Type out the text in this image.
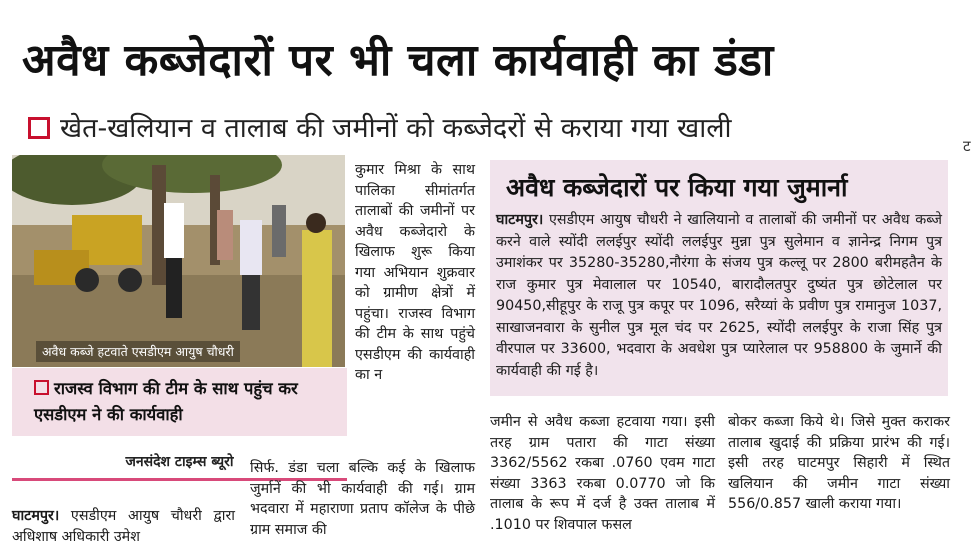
अवैध कब्जेदारों पर भी चला कार्यवाही का डंडा
खेत-खलियान व तालाब की जमीनों को कब्जेदरों से कराया गया खाली
अवैध कब्जे हटवाते एसडीएम आयुष चौधरी
राजस्व विभाग की टीम के साथ पहुंच कर एसडीएम ने की कार्यवाही
जनसंदेश टाइम्स ब्यूरो
कुमार मिश्रा के साथ पालिका सीमांतर्गत तालाबों की जमीनों पर अवैध कब्जेदारो के खिलाफ शुरू किया गया अभियान शुक्रवार को ग्रामीण क्षेत्रों में पहुंचा। राजस्व विभाग की टीम के साथ पहुंचे एसडीएम की कार्यवाही का न
सिर्फ. डंडा चला बल्कि कई के खिलाफ जुर्मानें की भी कार्यवाही की गई। ग्राम भदवारा में महाराणा प्रताप कॉलेज के पीछे ग्राम समाज की
घाटमपुर। एसडीएम आयुष चौधरी द्वारा अधिशाष अधिकारी उमेश
अवैध कब्जेदारों पर किया गया जुमार्ना
घाटमपुर। एसडीएम आयुष चौधरी ने खालियानो व तालाबों की जमीनों पर अवैध कब्जे करने वाले स्योंदी ललईपुर स्योंदी ललईपुर मुन्ना पुत्र सुलेमान व ज्ञानेन्द्र निगम पुत्र उमाशंकर पर 35280-35280,नौरंगा के संजय पुत्र कल्लू पर 2800 बरीमहतैन के राज कुमार पुत्र मेवालाल पर 10540, बारादौलतपुर दुष्यंत पुत्र छोटेलाल पर 90450,सीहूपुर के राजू पुत्र कपूर पर 1096, सरैय्यां के प्रवीण पुत्र रामानुज 1037, साखाजनवारा के सुनील पुत्र मूल चंद पर 2625, स्योंदी ललईपुर के राजा सिंह पुत्र वीरपाल पर 33600, भदवारा के अवधेश पुत्र प्यारेलाल पर 958800 के जुमार्ने की कार्यवाही की गई है।
जमीन से अवैध कब्जा हटवाया गया। इसी तरह ग्राम पतारा की गाटा संख्या 3362/5562 रकबा .0760 एवम गाटा संख्या 3363 रकबा 0.0770 जो कि तालाब के रूप में दर्ज है उक्त तालाब में .1010 पर शिवपाल फसल
बोकर कब्जा किये थे। जिसे मुक्त कराकर तालाब खुदाई की प्रक्रिया प्रारंभ की गई। इसी तरह घाटमपुर सिहारी में स्थित खलियान की जमीन गाटा संख्या 556/0.857 खाली कराया गया।
ट
